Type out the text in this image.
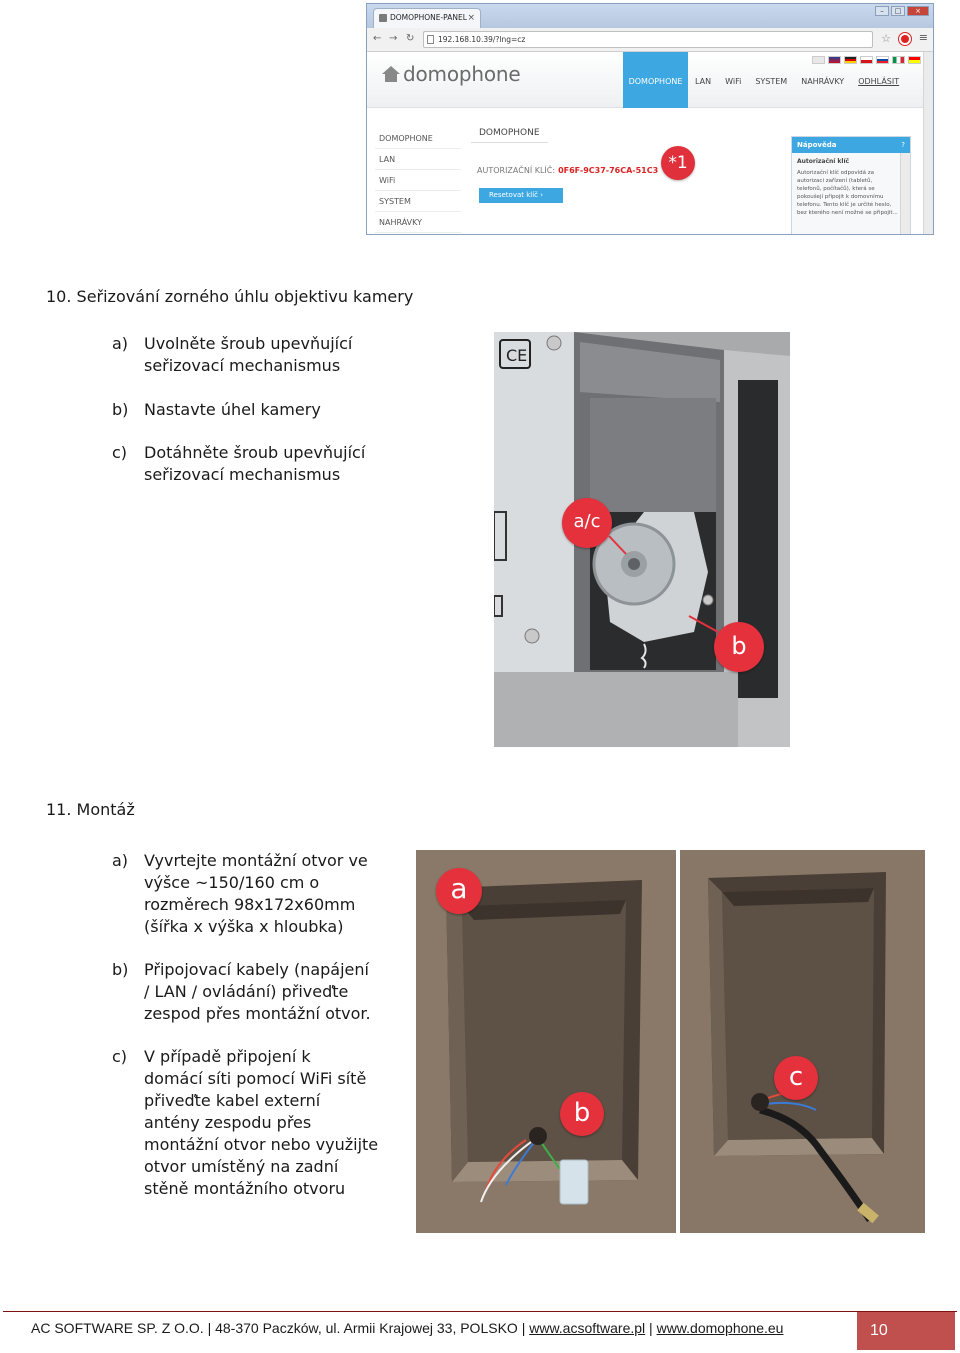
DOMOPHONE-PANEL ×
–	□	×
← → ↻	192.168.10.39/?lng=cz	☆	≡
domophone	DOMOPHONE	LAN	WiFi	SYSTEM	NAHRÁVKY	ODHLÁSIT
DOMOPHONE
LAN
WiFi
SYSTEM
NAHRÁVKY
DOMOPHONE
AUTORIZAČNÍ KLÍČ: 0F6F-9C37-76CA-51C3
Resetovat klíč ›
*1
Nápověda	?
Autorizační klíč
Autorizační klíč odpovídá za autorizaci zařízení (tabletů, telefonů, počítačů), která se pokoušejí připojit k domovnímu telefonu. Tento klíč je určité heslo, bez kterého není možné se připojit...
10. Seřizování zorného úhlu objektivu kamery
a) Uvolněte šroub upevňující
seřizovací mechanismus
b) Nastavte úhel kamery
c)	Dotáhněte šroub upevňující
seřizovací mechanismus
CE
a/c
b
11. Montáž
a) Vyvrtejte montážní otvor ve
výšce ~150/160 cm o
rozměrech 98x172x60mm
(šířka x výška x hloubka)
b) Připojovací kabely (napájení
/ LAN / ovládání) přiveďte
zespod přes montážní otvor.
c)	V případě připojení k
domácí síti pomocí WiFi sítě
přiveďte kabel externí
antény zespodu přes
montážní otvor nebo využijte
otvor umístěný na zadní
stěně montážního otvoru
a
b
c
AC SOFTWARE SP. Z O.O. | 48-370 Paczków, ul. Armii Krajowej 33, POLSKO | www.acsoftware.pl | www.domophone.eu	10
